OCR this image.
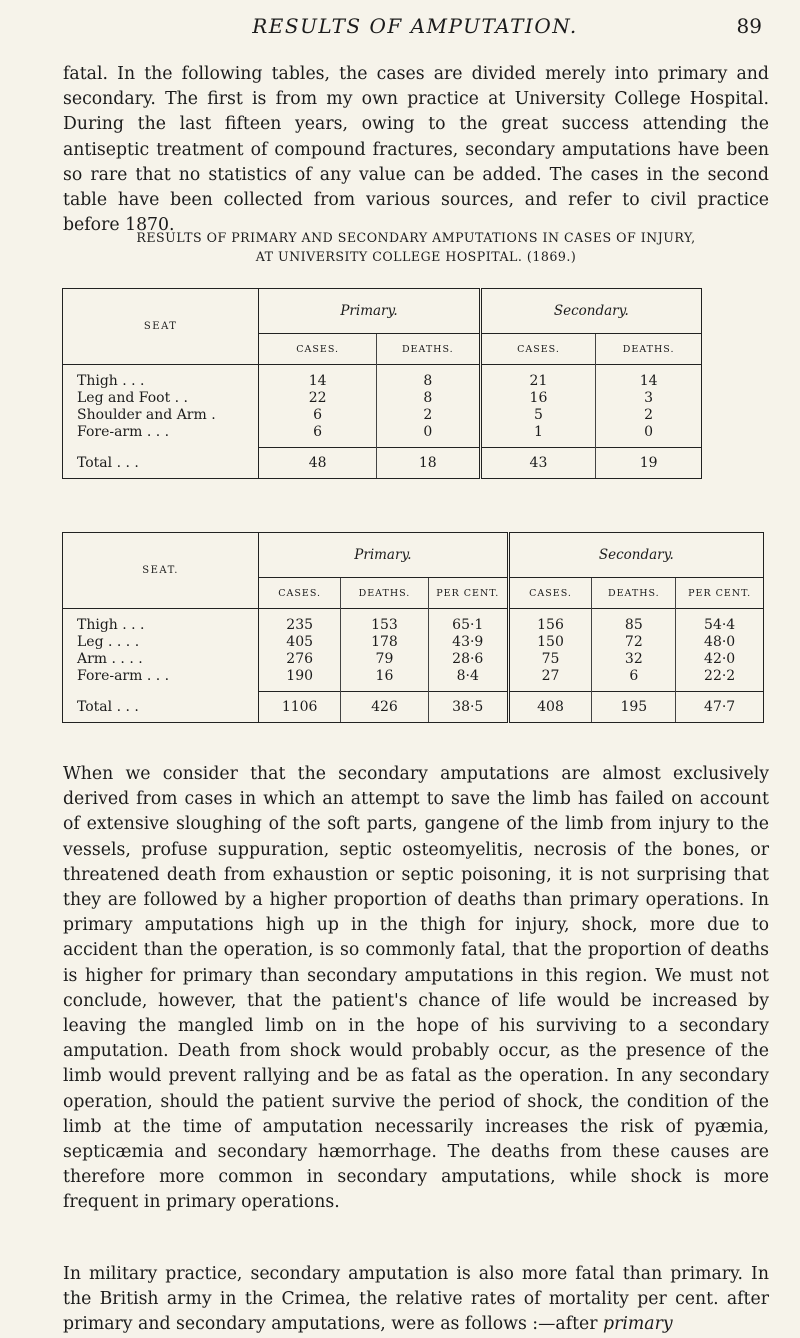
RESULTS OF AMPUTATION.	89

fatal. In the following tables, the cases are divided merely into primary and secondary. The first is from my own practice at University College Hospital. During the last fifteen years, owing to the great success attending the antiseptic treatment of compound fractures, secondary amputations have been so rare that no statistics of any value can be added. The cases in the second table have been collected from various sources, and refer to civil practice before 1870.

RESULTS OF PRIMARY AND SECONDARY AMPUTATIONS IN CASES OF INJURY,
AT UNIVERSITY COLLEGE HOSPITAL. (1869.)
SEAT	Primary.		Secondary.	
	CASES.	DEATHS.	CASES.	DEATHS.
Thigh . . .	14	8	21	14
Leg and Foot . .	22	8	16	3
Shoulder and Arm .	6	2	5	2
Fore-arm . . .	6	0	1	0
Total . . .	48	18	43	19
SEAT.	Primary.			Secondary.		
	CASES.	DEATHS.	PER CENT.	CASES.	DEATHS.	PER CENT.
Thigh . . .	235	153	65·1	156	85	54·4
Leg . . . .	405	178	43·9	150	72	48·0
Arm . . . .	276	79	28·6	75	32	42·0
Fore-arm . . .	190	16	8·4	27	6	22·2
Total . . .	1106	426	38·5	408	195	47·7

When we consider that the secondary amputations are almost exclusively derived from cases in which an attempt to save the limb has failed on account of extensive sloughing of the soft parts, gangene of the limb from injury to the vessels, profuse suppuration, septic osteomyelitis, necrosis of the bones, or threatened death from exhaustion or septic poisoning, it is not surprising that they are followed by a higher proportion of deaths than primary operations. In primary amputations high up in the thigh for injury, shock, more due to accident than the operation, is so commonly fatal, that the proportion of deaths is higher for primary than secondary amputations in this region. We must not conclude, however, that the patient's chance of life would be increased by leaving the mangled limb on in the hope of his surviving to a secondary amputation. Death from shock would probably occur, as the presence of the limb would prevent rallying and be as fatal as the operation. In any secondary operation, should the patient survive the period of shock, the condition of the limb at the time of amputation necessarily increases the risk of pyæmia, septicæmia and secondary hæmorrhage. The deaths from these causes are therefore more common in secondary amputations, while shock is more frequent in primary operations.

In military practice, secondary amputation is also more fatal than primary. In the British army in the Crimea, the relative rates of mortality per cent. after primary and secondary amputations, were as follows :—after primary
